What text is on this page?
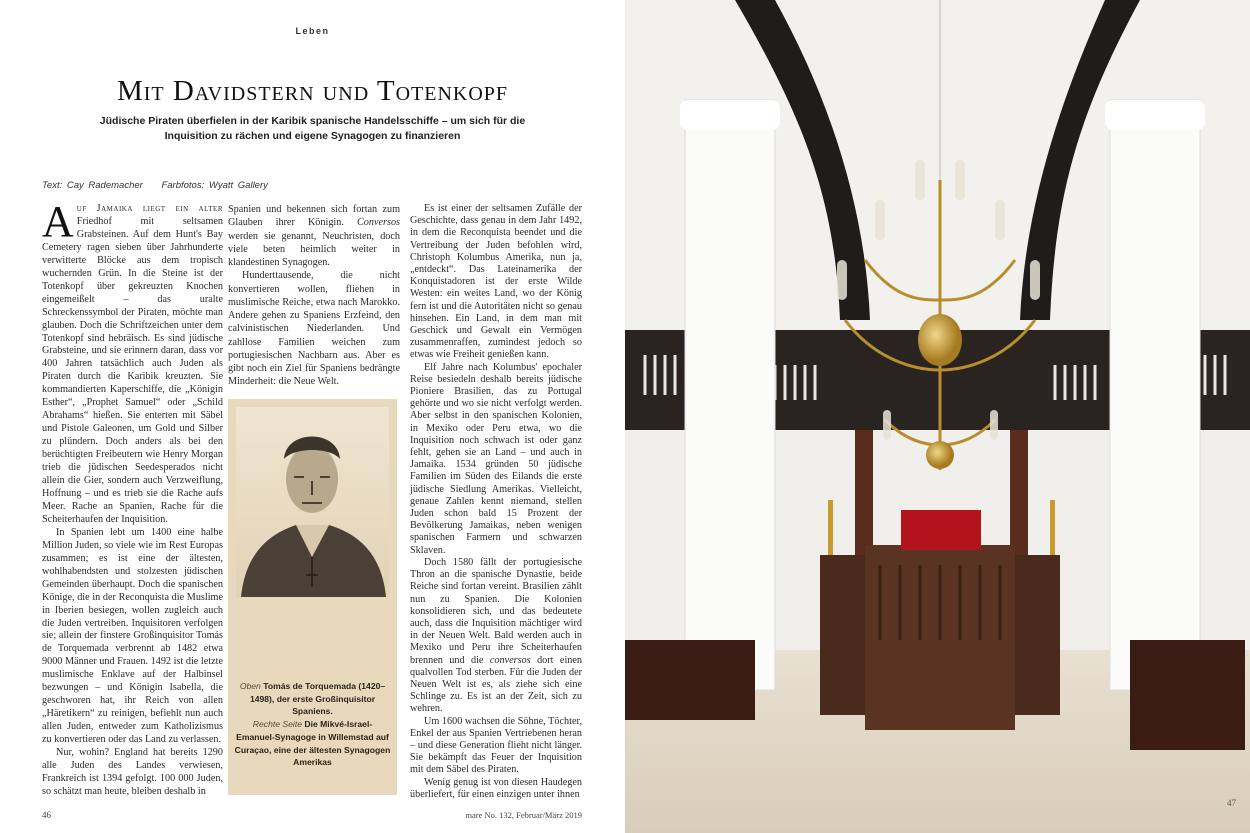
Leben
Mit Davidstern und Totenkopf
Jüdische Piraten überfielen in der Karibik spanische Handelsschiffe – um sich für die Inquisition zu rächen und eigene Synagogen zu finanzieren
Text: Cay Rademacher Farbfotos: Wyatt Gallery

Auf Jamaika liegt ein alter Friedhof mit seltsamen Grabsteinen. Auf dem Hunt's Bay Cemetery ragen sieben über Jahrhunderte verwitterte Blöcke aus dem tropisch wuchernden Grün. In die Steine ist der Totenkopf über gekreuzten Knochen eingemeißelt – das uralte Schreckenssymbol der Piraten, möchte man glauben. Doch die Schriftzeichen unter dem Totenkopf sind hebräisch. Es sind jüdische Grabsteine, und sie erinnern daran, dass vor 400 Jahren tatsächlich auch Juden als Piraten durch die Karibik kreuzten. Sie kommandierten Kaperschiffe, die „Königin Esther“, „Prophet Samuel“ oder „Schild Abrahams“ hießen. Sie enterten mit Säbel und Pistole Galeonen, um Gold und Silber zu plündern. Doch anders als bei den berüchtigten Freibeutern wie Henry Morgan trieb die jüdischen Seedesperados nicht allein die Gier, sondern auch Verzweiflung, Hoffnung – und es trieb sie die Rache aufs Meer. Rache an Spanien, Rache für die Scheiterhaufen der Inquisition.

In Spanien lebt um 1400 eine halbe Million Juden, so viele wie im Rest Europas zusammen; es ist eine der ältesten, wohlhabendsten und stolzesten jüdischen Gemeinden überhaupt. Doch die spanischen Könige, die in der Reconquista die Muslime in Iberien besiegen, wollen zugleich auch die Juden vertreiben. Inquisitoren verfolgen sie; allein der finstere Großinquisitor Tomás de Torquemada verbrennt ab 1482 etwa 9000 Männer und Frauen. 1492 ist die letzte muslimische Enklave auf der Halbinsel bezwungen – und Königin Isabella, die geschworen hat, ihr Reich von allen „Häretikern“ zu reinigen, befiehlt nun auch allen Juden, entweder zum Katholizismus zu konvertieren oder das Land zu verlassen.

Nur, wohin? England hat bereits 1290 alle Juden des Landes verwiesen, Frankreich ist 1394 gefolgt. 100 000 Juden, so schätzt man heute, bleiben deshalb in

Spanien und bekennen sich fortan zum Glauben ihrer Königin. Conversos werden sie genannt, Neuchristen, doch viele beten heimlich weiter in klandestinen Synagogen.

Hunderttausende, die nicht konvertieren wollen, fliehen in muslimische Reiche, etwa nach Marokko. Andere gehen zu Spaniens Erzfeind, den calvinistischen Niederlanden. Und zahllose Familien weichen zum portugiesischen Nachbarn aus. Aber es gibt noch ein Ziel für Spaniens bedrängte Minderheit: die Neue Welt.

Oben Tomás de Torquemada (1420–1498), der erste Großinquisitor Spaniens.
Rechte Seite Die Mikvé-Israel-Emanuel-Synagoge in Willemstad auf Curaçao, eine der ältesten Synagogen Amerikas

Es ist einer der seltsamen Zufälle der Geschichte, dass genau in dem Jahr 1492, in dem die Reconquista beendet und die Vertreibung der Juden befohlen wird, Christoph Kolumbus Amerika, nun ja, „entdeckt“. Das Lateinamerika der Konquistadoren ist der erste Wilde Westen: ein weites Land, wo der König fern ist und die Autoritäten nicht so genau hinsehen. Ein Land, in dem man mit Geschick und Gewalt ein Vermögen zusammenraffen, zumindest jedoch so etwas wie Freiheit genießen kann.

Elf Jahre nach Kolumbus' epochaler Reise besiedeln deshalb bereits jüdische Pioniere Brasilien, das zu Portugal gehörte und wo sie nicht verfolgt werden. Aber selbst in den spanischen Kolonien, in Mexiko oder Peru etwa, wo die Inquisition noch schwach ist oder ganz fehlt, gehen sie an Land – und auch in Jamaika. 1534 gründen 50 jüdische Familien im Süden des Eilands die erste jüdische Siedlung Amerikas. Vielleicht, genaue Zahlen kennt niemand, stellen Juden schon bald 15 Prozent der Bevölkerung Jamaikas, neben wenigen spanischen Farmern und schwarzen Sklaven.

Doch 1580 fällt der portugiesische Thron an die spanische Dynastie, beide Reiche sind fortan vereint. Brasilien zählt nun zu Spanien. Die Kolonien konsolidieren sich, und das bedeutete auch, dass die Inquisition mächtiger wird in der Neuen Welt. Bald werden auch in Mexiko und Peru ihre Scheiterhaufen brennen und die conversos dort einen qualvollen Tod sterben. Für die Juden der Neuen Welt ist es, als ziehe sich eine Schlinge zu. Es ist an der Zeit, sich zu wehren.

Um 1600 wachsen die Söhne, Töchter, Enkel der aus Spanien Vertriebenen heran – und diese Generation flieht nicht länger. Sie bekämpft das Feuer der Inquisition mit dem Säbel des Piraten.

Wenig genug ist von diesen Haudegen überliefert, für einen einzigen unter ihnen

46	mare No. 132, Februar/März 2019
47
